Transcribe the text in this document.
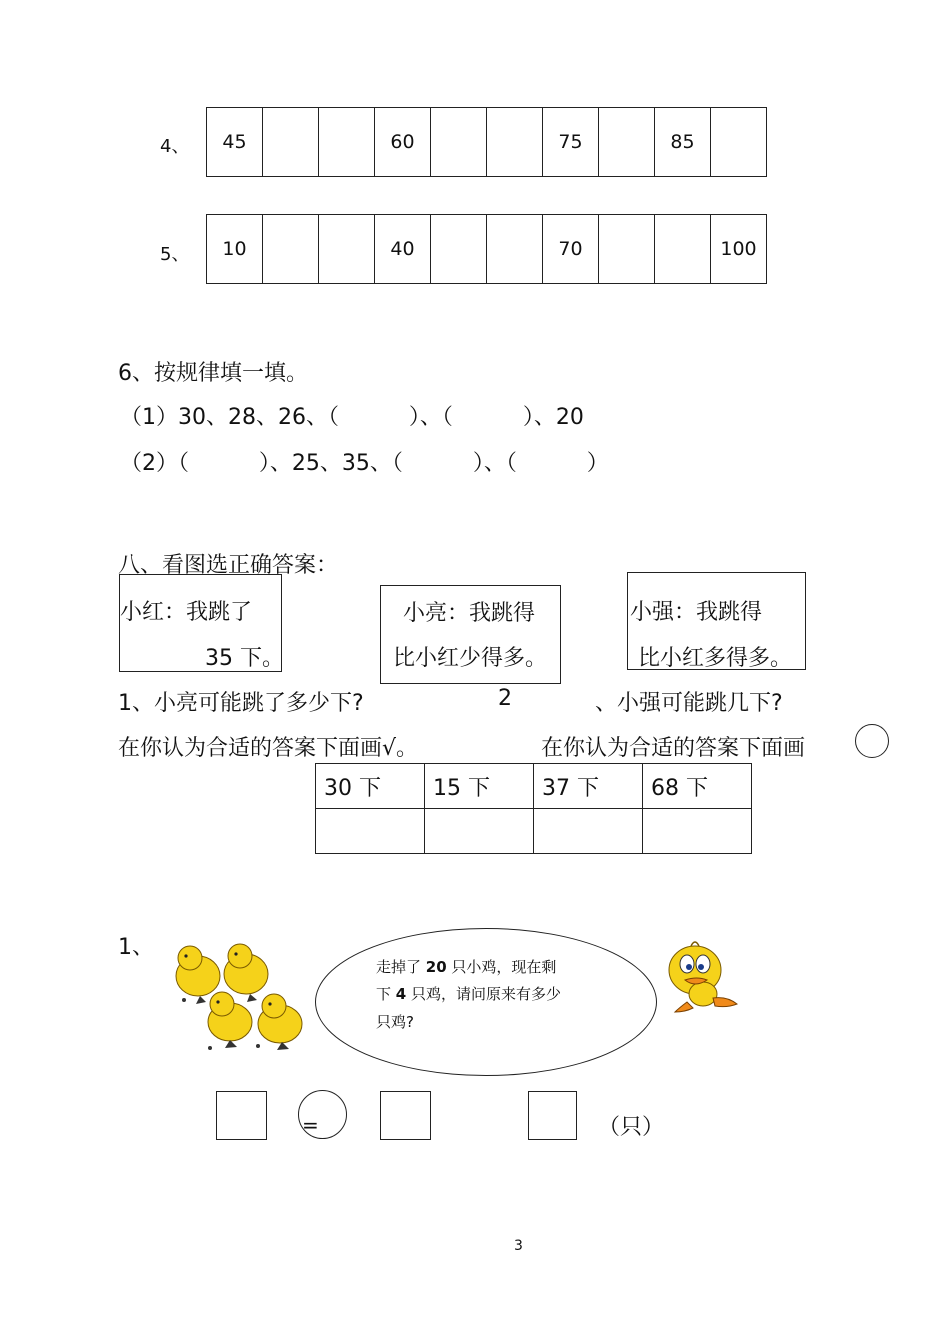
4、 45			60			75		85	
5、 10			40			70			100
6、按规律填一填。
（1）30、28、26、（          ）、（          ）、20
（2）（          ）、25、35、（          ）、（          ）
八、看图选正确答案：
小红：我跳了
35 下。
小亮：我跳得
比小红少得多。
小强：我跳得
比小红多得多。
1、小亮可能跳了多少下?	2	、小强可能跳几下?
在你认为合适的答案下面画√。	在你认为合适的答案下面画
30 下	15 下	37 下	68 下

1、
走掉了 20 只小鸡，现在剩
下 4 只鸡，请问原来有多少
只鸡?
=	（只）
3
